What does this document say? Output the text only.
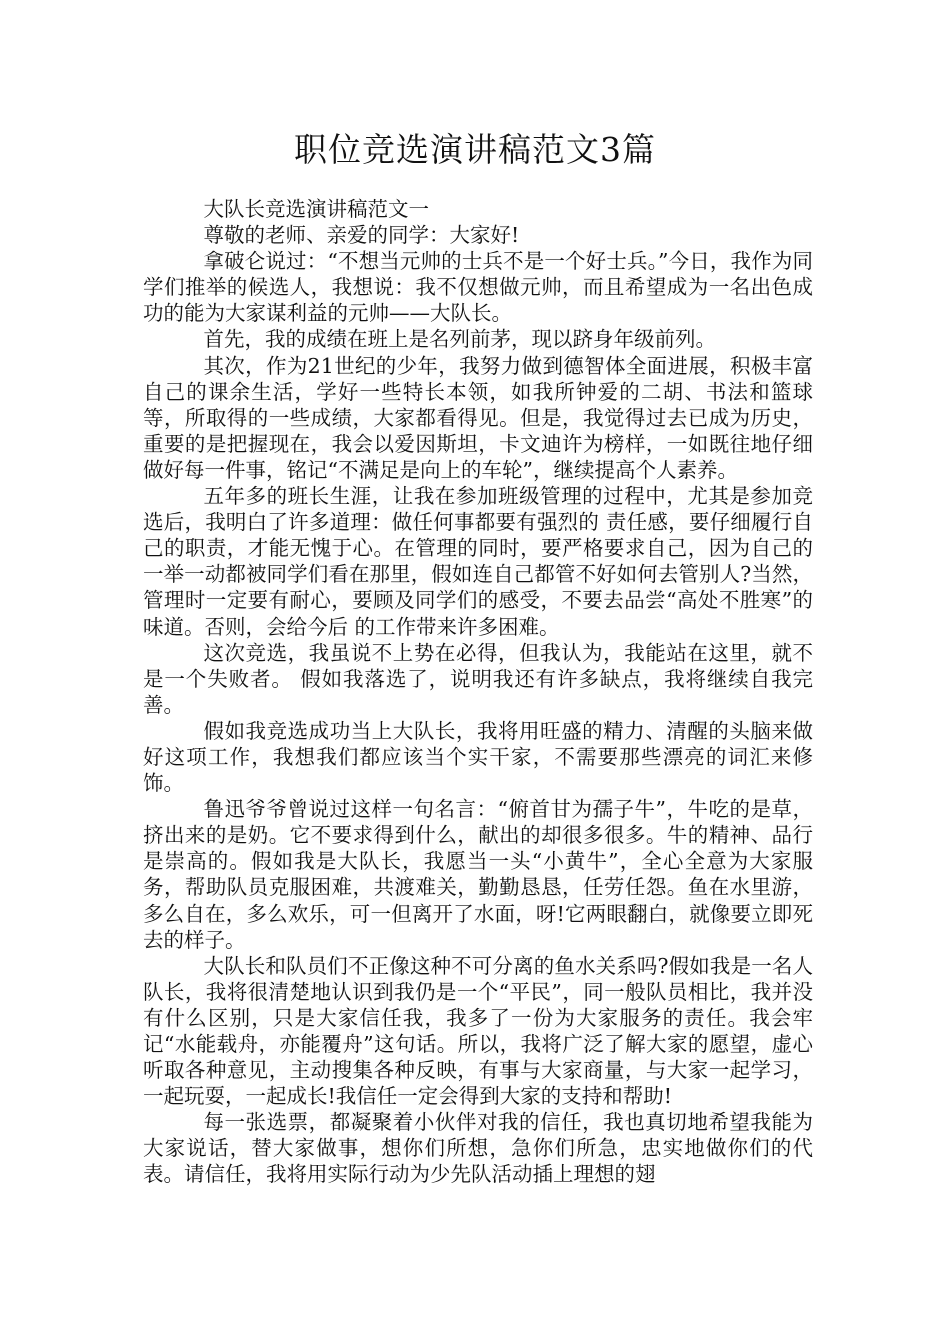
职位竞选演讲稿范文3篇

大队长竞选演讲稿范文一

尊敬的老师、亲爱的同学：大家好!

拿破仑说过：“不想当元帅的士兵不是一个好士兵。”今日，我作为同学们推举的候选人，我想说：我不仅想做元帅，而且希望成为一名出色成功的能为大家谋利益的元帅——大队长。

首先，我的成绩在班上是名列前茅，现以跻身年级前列。

其次，作为21世纪的少年，我努力做到德智体全面进展，积极丰富自己的课余生活，学好一些特长本领，如我所钟爱的二胡、书法和篮球等，所取得的一些成绩，大家都看得见。但是，我觉得过去已成为历史，重要的是把握现在，我会以爱因斯坦，卡文迪许为榜样，一如既往地仔细做好每一件事，铭记“不满足是向上的车轮”，继续提高个人素养。

五年多的班长生涯，让我在参加班级管理的过程中，尤其是参加竞选后，我明白了许多道理：做任何事都要有强烈的 责任感，要仔细履行自己的职责，才能无愧于心。在管理的同时，要严格要求自己，因为自己的一举一动都被同学们看在那里，假如连自己都管不好如何去管别人?当然，管理时一定要有耐心，要顾及同学们的感受，不要去品尝“高处不胜寒”的味道。否则，会给今后 的工作带来许多困难。

这次竞选，我虽说不上势在必得，但我认为，我能站在这里，就不是一个失败者。 假如我落选了，说明我还有许多缺点，我将继续自我完善。

假如我竞选成功当上大队长，我将用旺盛的精力、清醒的头脑来做好这项工作，我想我们都应该当个实干家，不需要那些漂亮的词汇来修饰。

鲁迅爷爷曾说过这样一句名言：“俯首甘为孺子牛”，牛吃的是草，挤出来的是奶。它不要求得到什么，献出的却很多很多。牛的精神、品行是崇高的。假如我是大队长，我愿当一头“小黄牛”，全心全意为大家服务，帮助队员克服困难，共渡难关，勤勤恳恳，任劳任怨。鱼在水里游，多么自在，多么欢乐，可一但离开了水面，呀!它两眼翻白，就像要立即死去的样子。

大队长和队员们不正像这种不可分离的鱼水关系吗?假如我是一名人队长，我将很清楚地认识到我仍是一个“平民”，同一般队员相比，我并没有什么区别，只是大家信任我，我多了一份为大家服务的责任。我会牢记“水能载舟，亦能覆舟”这句话。所以，我将广泛了解大家的愿望，虚心听取各种意见，主动搜集各种反映，有事与大家商量，与大家一起学习，一起玩耍，一起成长!我信任一定会得到大家的支持和帮助!

每一张选票，都凝聚着小伙伴对我的信任，我也真切地希望我能为大家说话，替大家做事，想你们所想，急你们所急，忠实地做你们的代表。请信任，我将用实际行动为少先队活动插上理想的翅
